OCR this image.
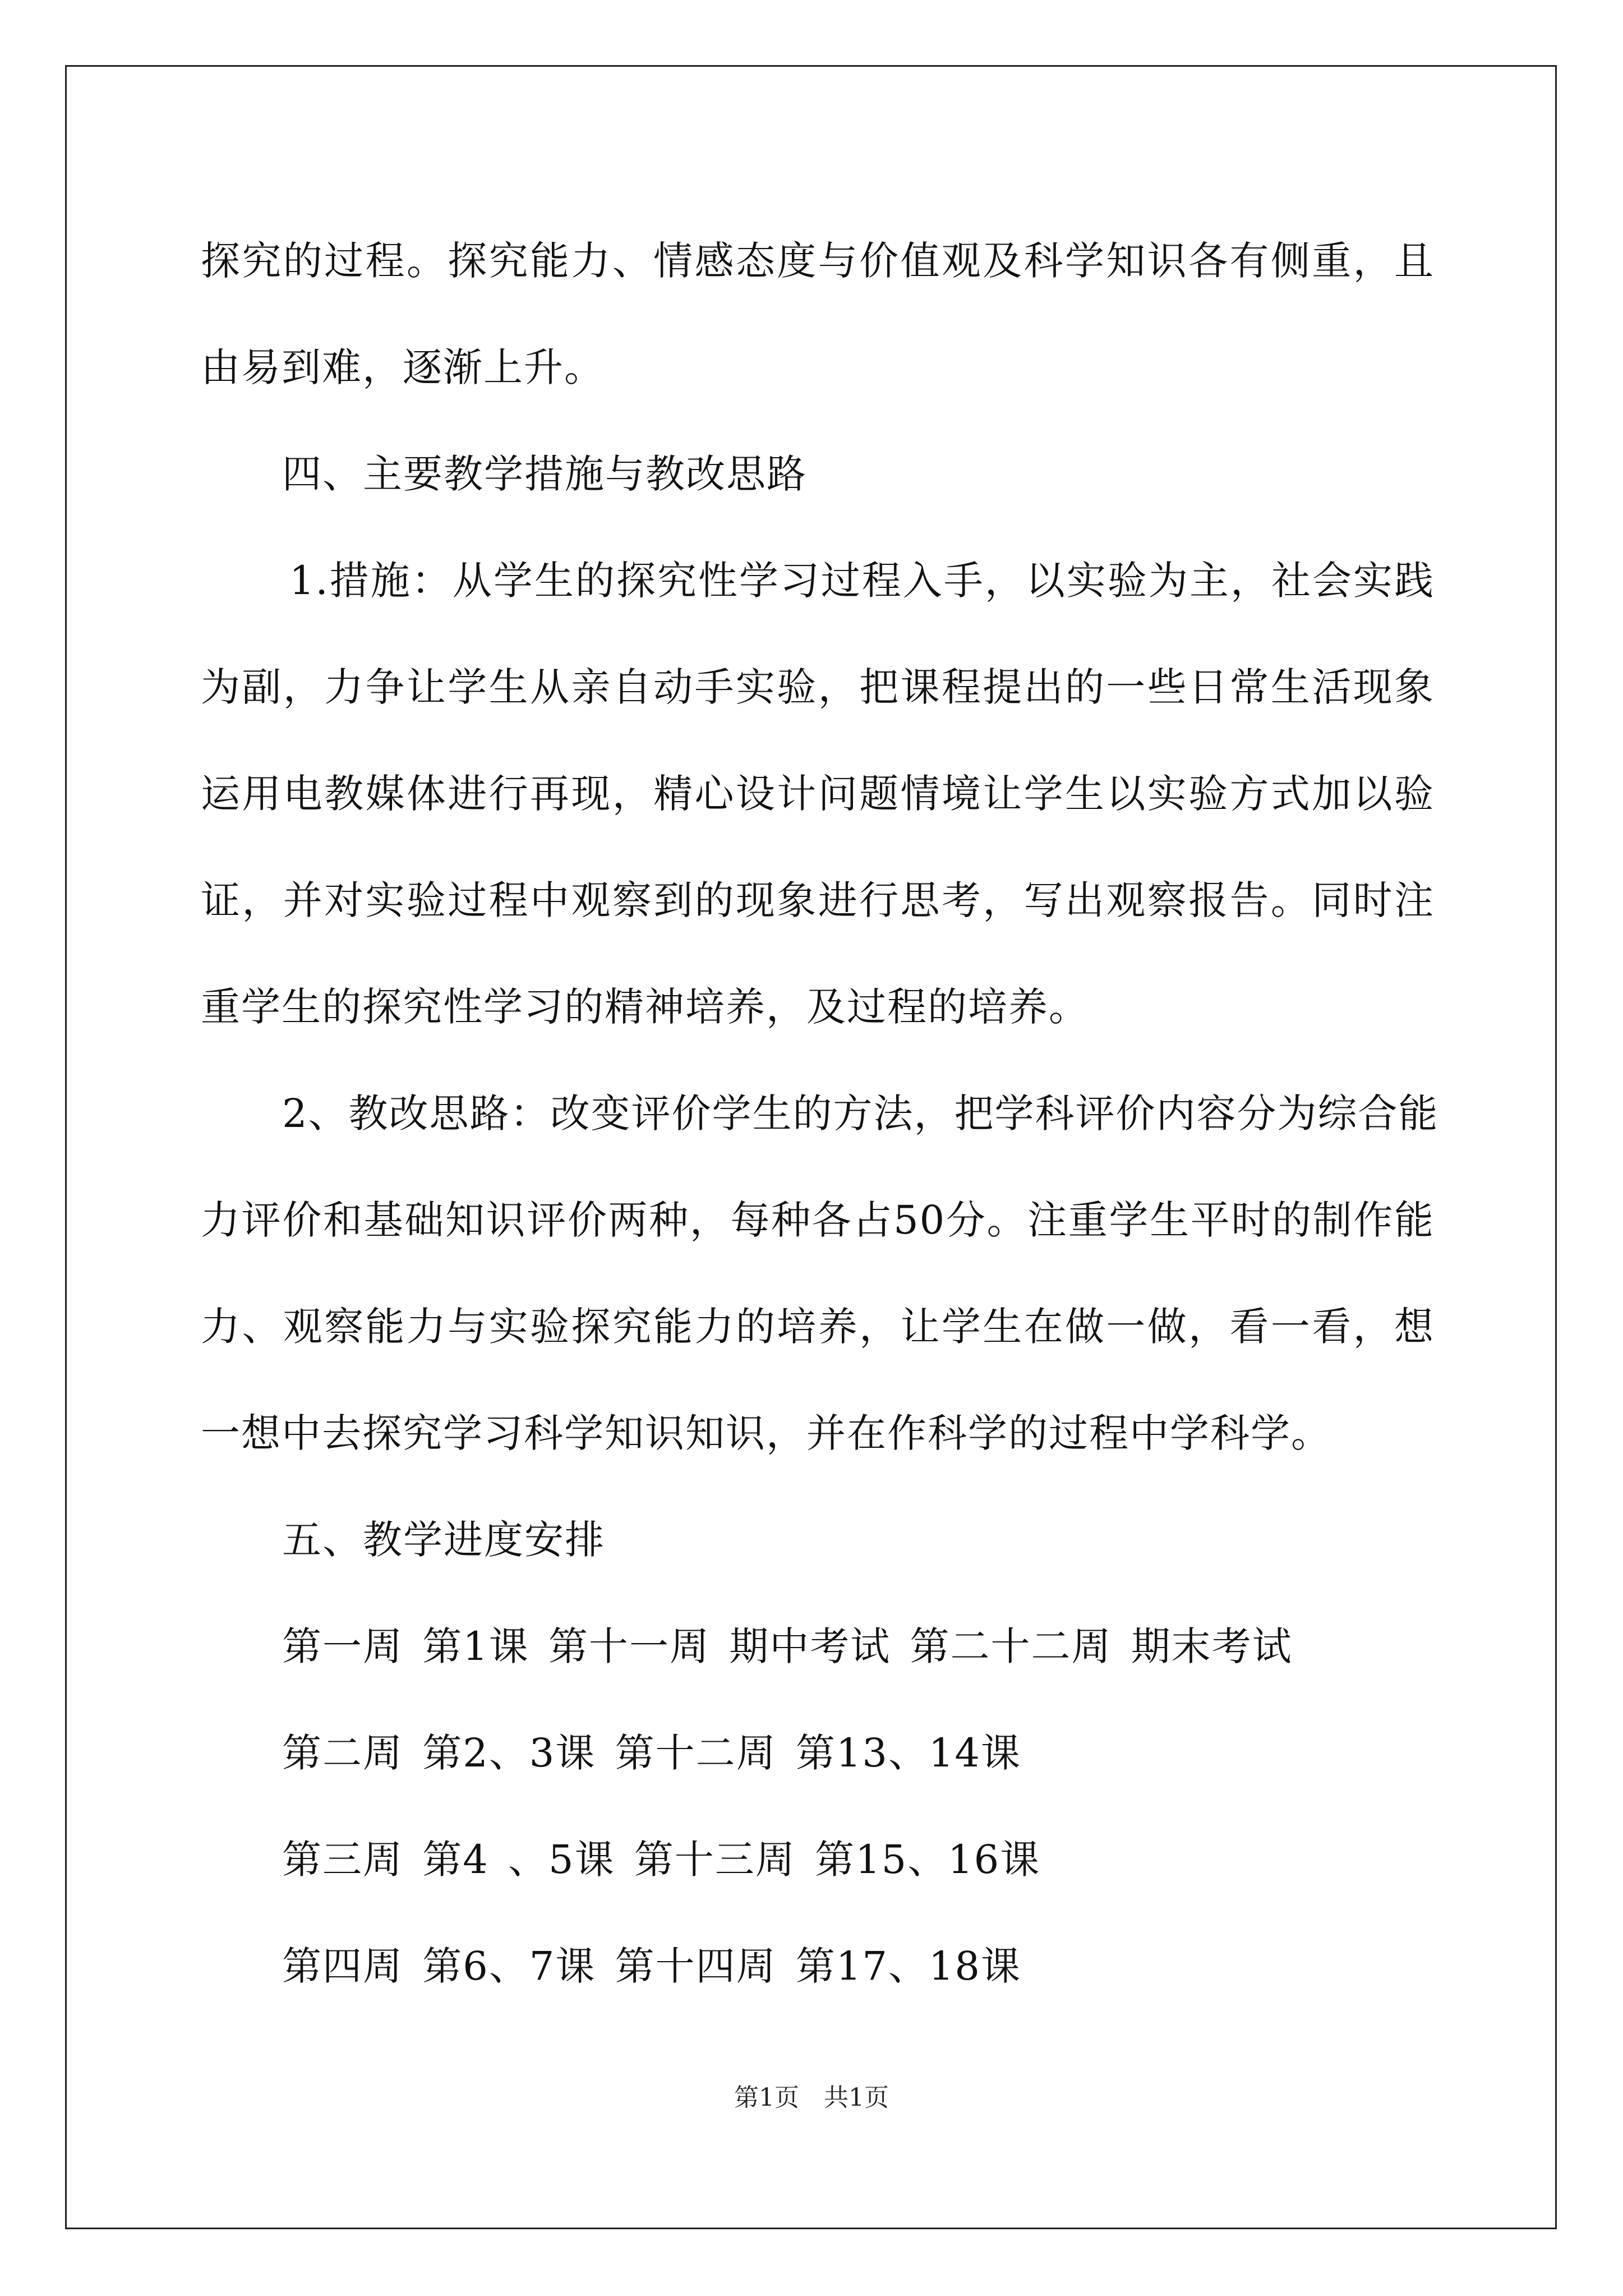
探究的过程。探究能力、情感态度与价值观及科学知识各有侧重，且
由易到难，逐渐上升。
四、主要教学措施与教改思路
1.措施：从学生的探究性学习过程入手，以实验为主，社会实践
为副，力争让学生从亲自动手实验，把课程提出的一些日常生活现象
运用电教媒体进行再现，精心设计问题情境让学生以实验方式加以验
证，并对实验过程中观察到的现象进行思考，写出观察报告。同时注
重学生的探究性学习的精神培养，及过程的培养。
2、教改思路：改变评价学生的方法，把学科评价内容分为综合能
力评价和基础知识评价两种，每种各占50分。注重学生平时的制作能
力、观察能力与实验探究能力的培养，让学生在做一做，看一看，想
一想中去探究学习科学知识知识，并在作科学的过程中学科学。
五、教学进度安排
第一周 第1课 第十一周 期中考试 第二十二周 期末考试
第二周 第2、3课 第十二周 第13、14课
第三周 第4 、5课 第十三周 第15、16课
第四周 第6、7课 第十四周 第17、18课
第1页　共1页
